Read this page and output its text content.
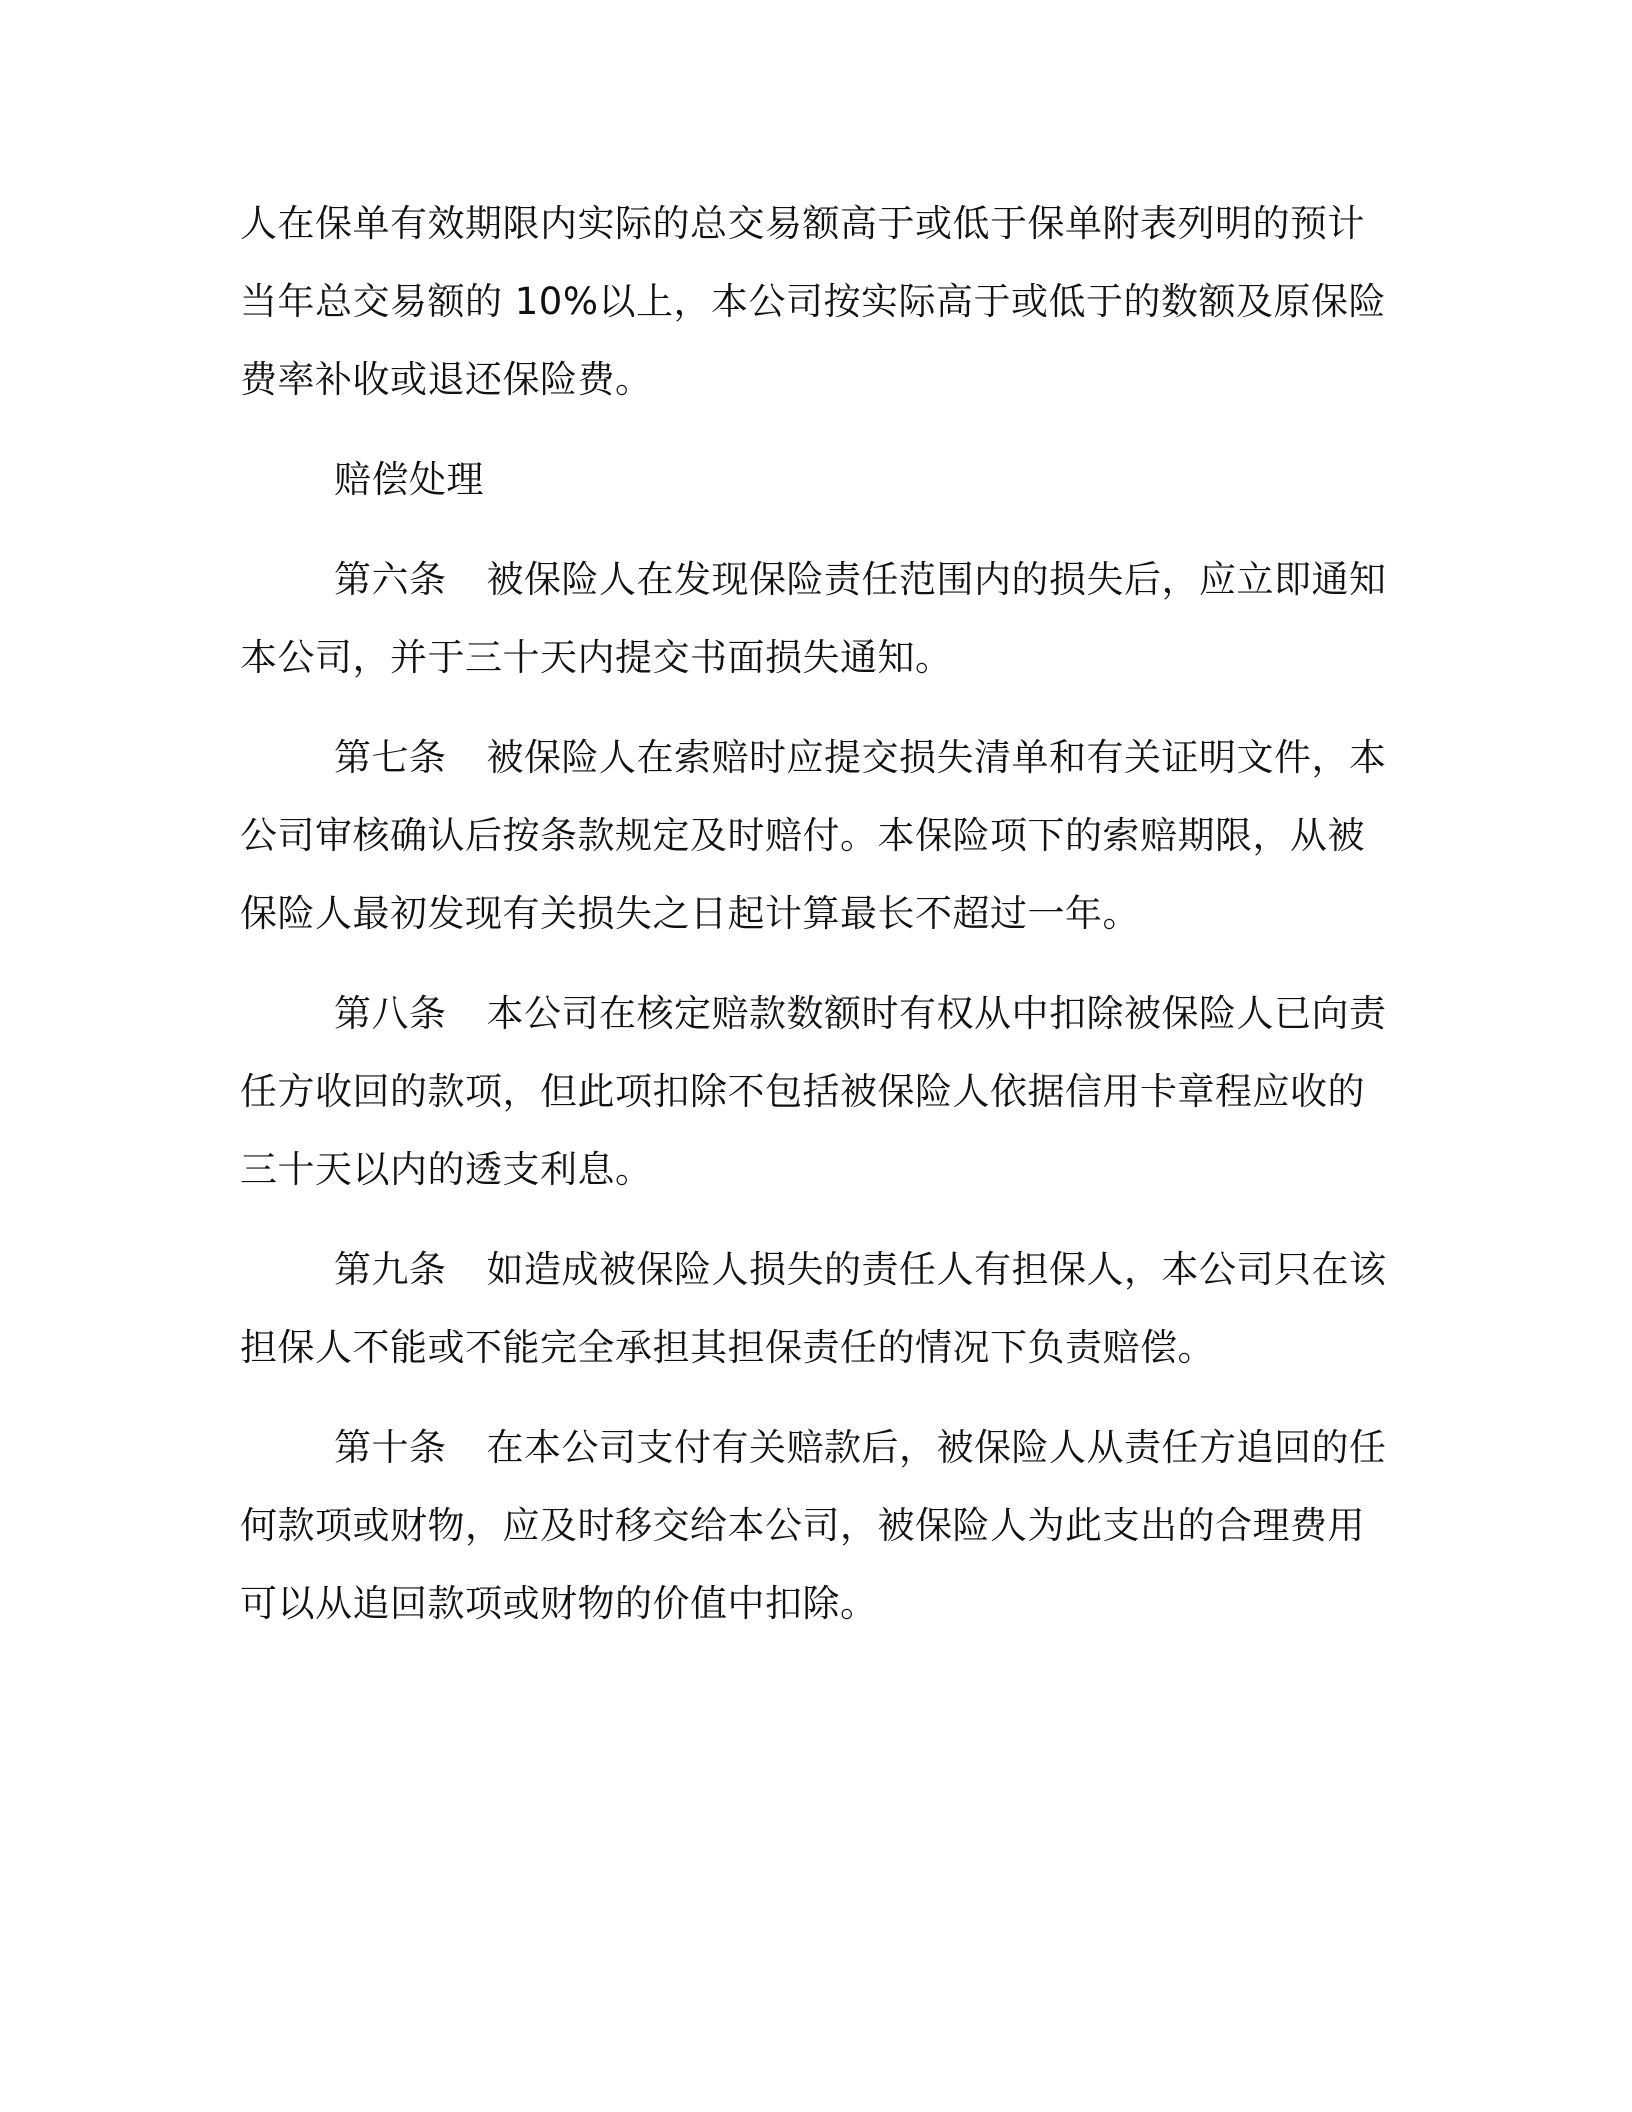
人在保单有效期限内实际的总交易额高于或低于保单附表列明的预计
当年总交易额的 10%以上，本公司按实际高于或低于的数额及原保险
费率补收或退还保险费。

赔偿处理

第六条 被保险人在发现保险责任范围内的损失后，应立即通知
本公司，并于三十天内提交书面损失通知。

第七条 被保险人在索赔时应提交损失清单和有关证明文件，本
公司审核确认后按条款规定及时赔付。本保险项下的索赔期限，从被
保险人最初发现有关损失之日起计算最长不超过一年。

第八条 本公司在核定赔款数额时有权从中扣除被保险人已向责
任方收回的款项，但此项扣除不包括被保险人依据信用卡章程应收的
三十天以内的透支利息。

第九条 如造成被保险人损失的责任人有担保人，本公司只在该
担保人不能或不能完全承担其担保责任的情况下负责赔偿。

第十条 在本公司支付有关赔款后，被保险人从责任方追回的任
何款项或财物，应及时移交给本公司，被保险人为此支出的合理费用
可以从追回款项或财物的价值中扣除。
